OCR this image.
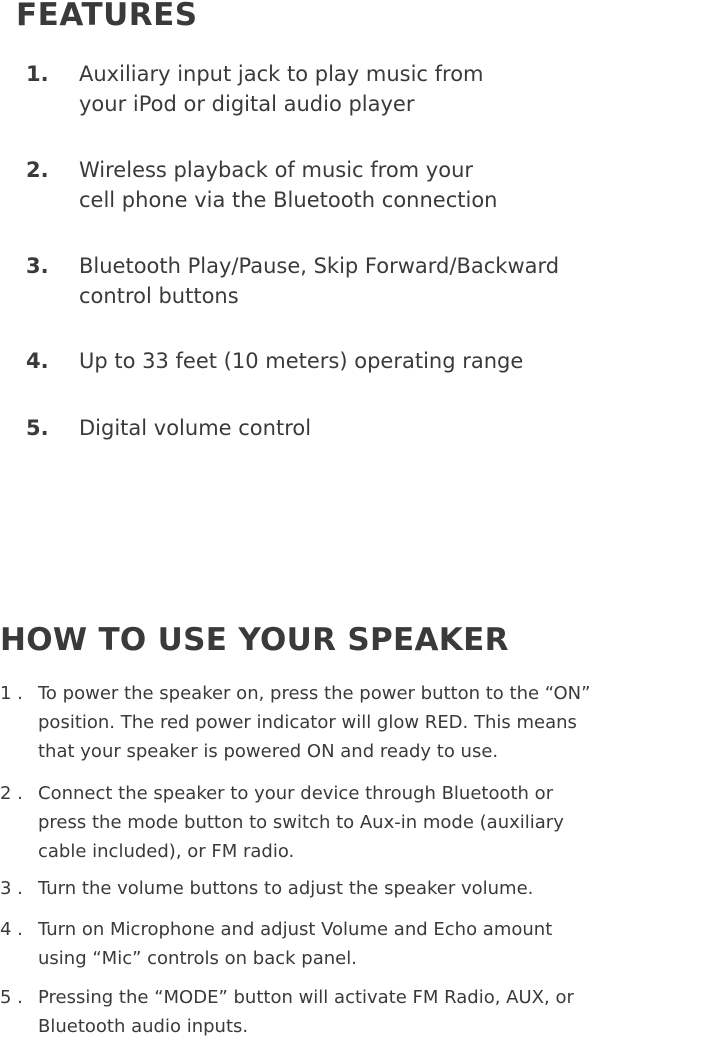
FEATURES
1. Auxiliary input jack to play music from
your iPod or digital audio player
2. Wireless playback of music from your
cell phone via the Bluetooth connection
3. Bluetooth Play/Pause, Skip Forward/Backward
control buttons
4. Up to 33 feet (10 meters) operating range
5. Digital volume control
HOW TO USE YOUR SPEAKER
1 . To power the speaker on, press the power button to the “ON”
position. The red power indicator will glow RED. This means
that your speaker is powered ON and ready to use.
2 . Connect the speaker to your device through Bluetooth or
press the mode button to switch to Aux-in mode (auxiliary
cable included), or FM radio.
3 . Turn the volume buttons to adjust the speaker volume.
4 . Turn on Microphone and adjust Volume and Echo amount
using “Mic” controls on back panel.
5 . Pressing the “MODE” button will activate FM Radio, AUX, or
Bluetooth audio inputs.
